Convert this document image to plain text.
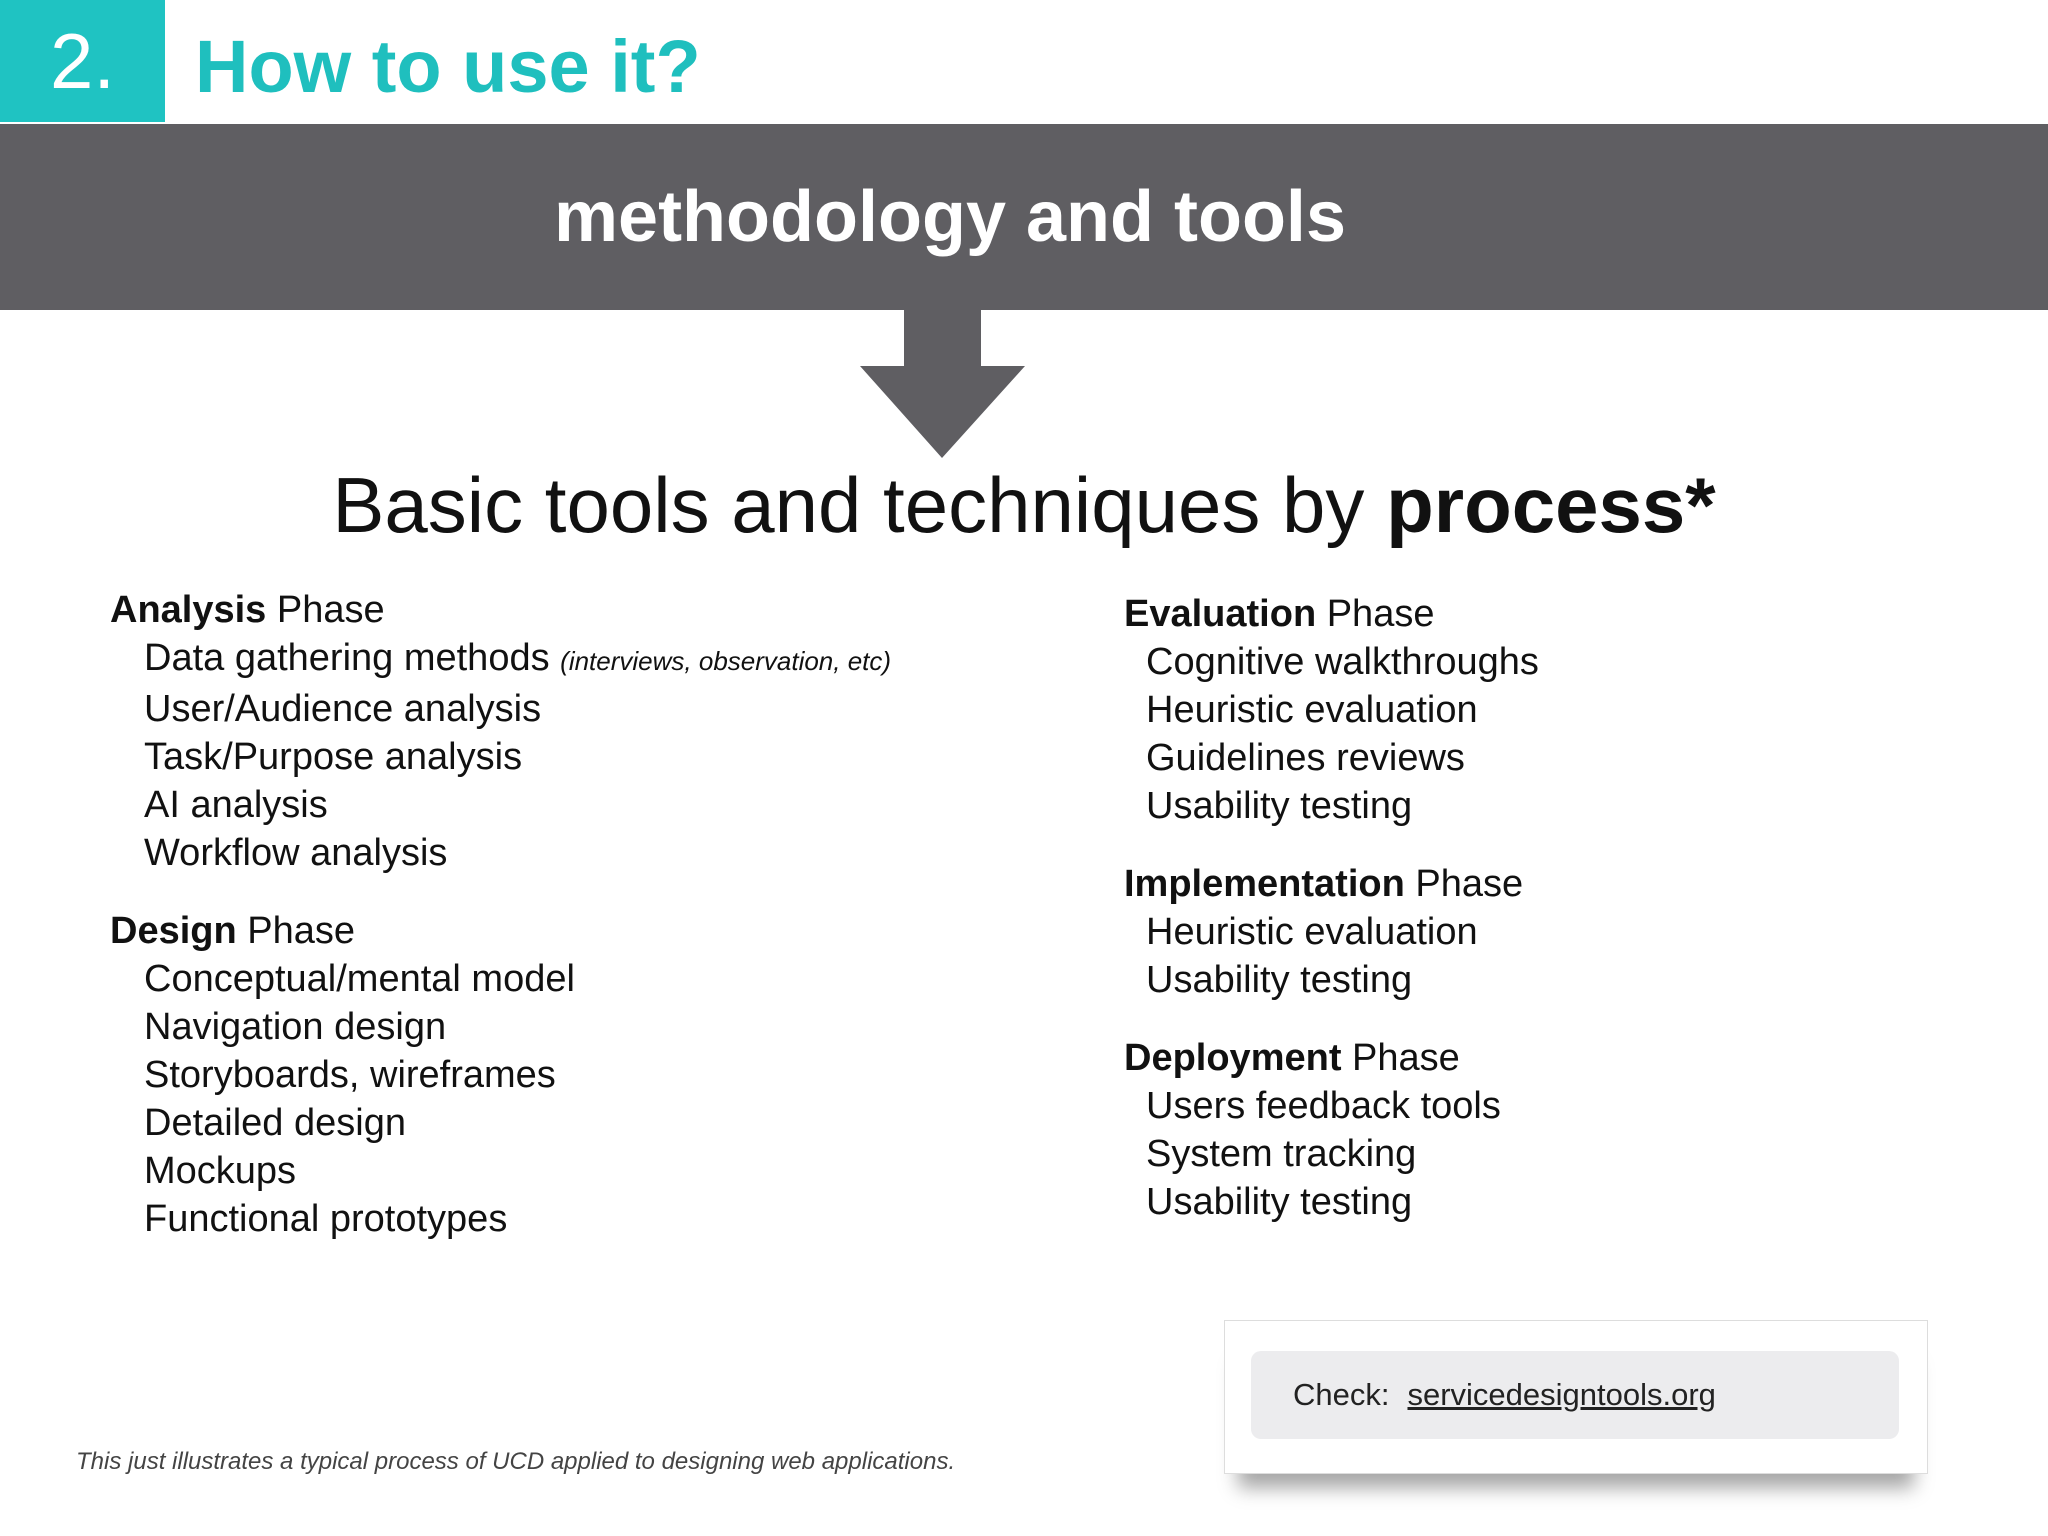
2. How to use it?
methodology and tools
Basic tools and techniques by process*
Analysis Phase
Data gathering methods (interviews, observation, etc)
User/Audience analysis
Task/Purpose analysis
AI analysis
Workflow analysis
Design Phase
Conceptual/mental model
Navigation design
Storyboards, wireframes
Detailed design
Mockups
Functional prototypes
Evaluation Phase
Cognitive walkthroughs
Heuristic evaluation
Guidelines reviews
Usability testing
Implementation Phase
Heuristic evaluation
Usability testing
Deployment Phase
Users feedback tools
System tracking
Usability testing
This just illustrates a typical process of UCD applied to designing web applications.
Check: servicedesigntools.org
